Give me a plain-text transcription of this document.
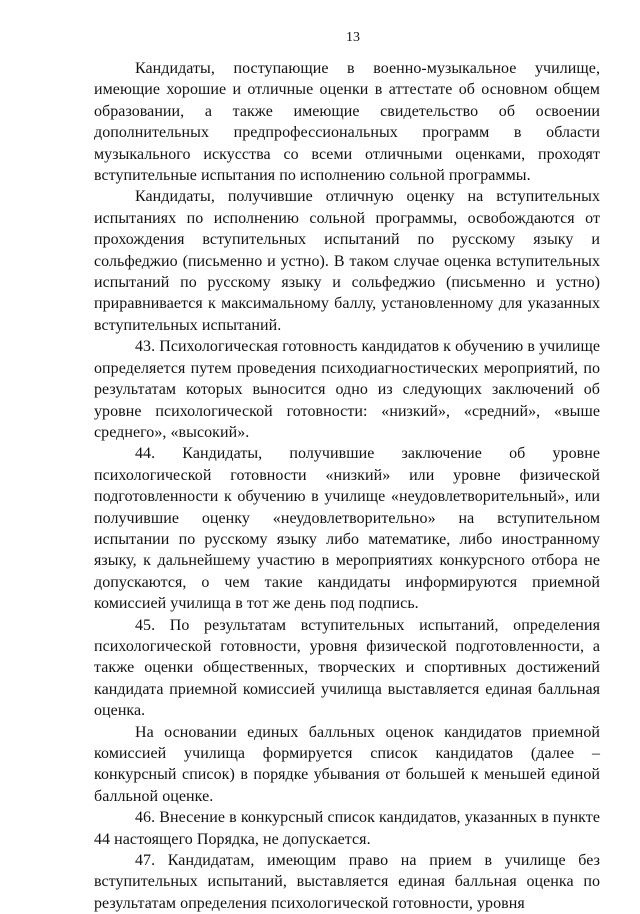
13

Кандидаты, поступающие в военно-музыкальное училище, имеющие хорошие и отличные оценки в аттестате об основном общем образовании, а также имеющие свидетельство об освоении дополнительных предпрофессиональных программ в области музыкального искусства со всеми отличными оценками, проходят вступительные испытания по исполнению сольной программы.

Кандидаты, получившие отличную оценку на вступительных испытаниях по исполнению сольной программы, освобождаются от прохождения вступительных испытаний по русскому языку и сольфеджио (письменно и устно). В таком случае оценка вступительных испытаний по русскому языку и сольфеджио (письменно и устно) приравнивается к максимальному баллу, установленному для указанных вступительных испытаний.

43. Психологическая готовность кандидатов к обучению в училище определяется путем проведения психодиагностических мероприятий, по результатам которых выносится одно из следующих заключений об уровне психологической готовности: «низкий», «средний», «выше среднего», «высокий».

44. Кандидаты, получившие заключение об уровне психологической готовности «низкий» или уровне физической подготовленности к обучению в училище «неудовлетворительный», или получившие оценку «неудовлетворительно» на вступительном испытании по русскому языку либо математике, либо иностранному языку, к дальнейшему участию в мероприятиях конкурсного отбора не допускаются, о чем такие кандидаты информируются приемной комиссией училища в тот же день под подпись.

45. По результатам вступительных испытаний, определения психологической готовности, уровня физической подготовленности, а также оценки общественных, творческих и спортивных достижений кандидата приемной комиссией училища выставляется единая балльная оценка.

На основании единых балльных оценок кандидатов приемной комиссией училища формируется список кандидатов (далее – конкурсный список) в порядке убывания от большей к меньшей единой балльной оценке.

46. Внесение в конкурсный список кандидатов, указанных в пункте 44 настоящего Порядка, не допускается.

47. Кандидатам, имеющим право на прием в училище без вступительных испытаний, выставляется единая балльная оценка по результатам определения психологической готовности, уровня
